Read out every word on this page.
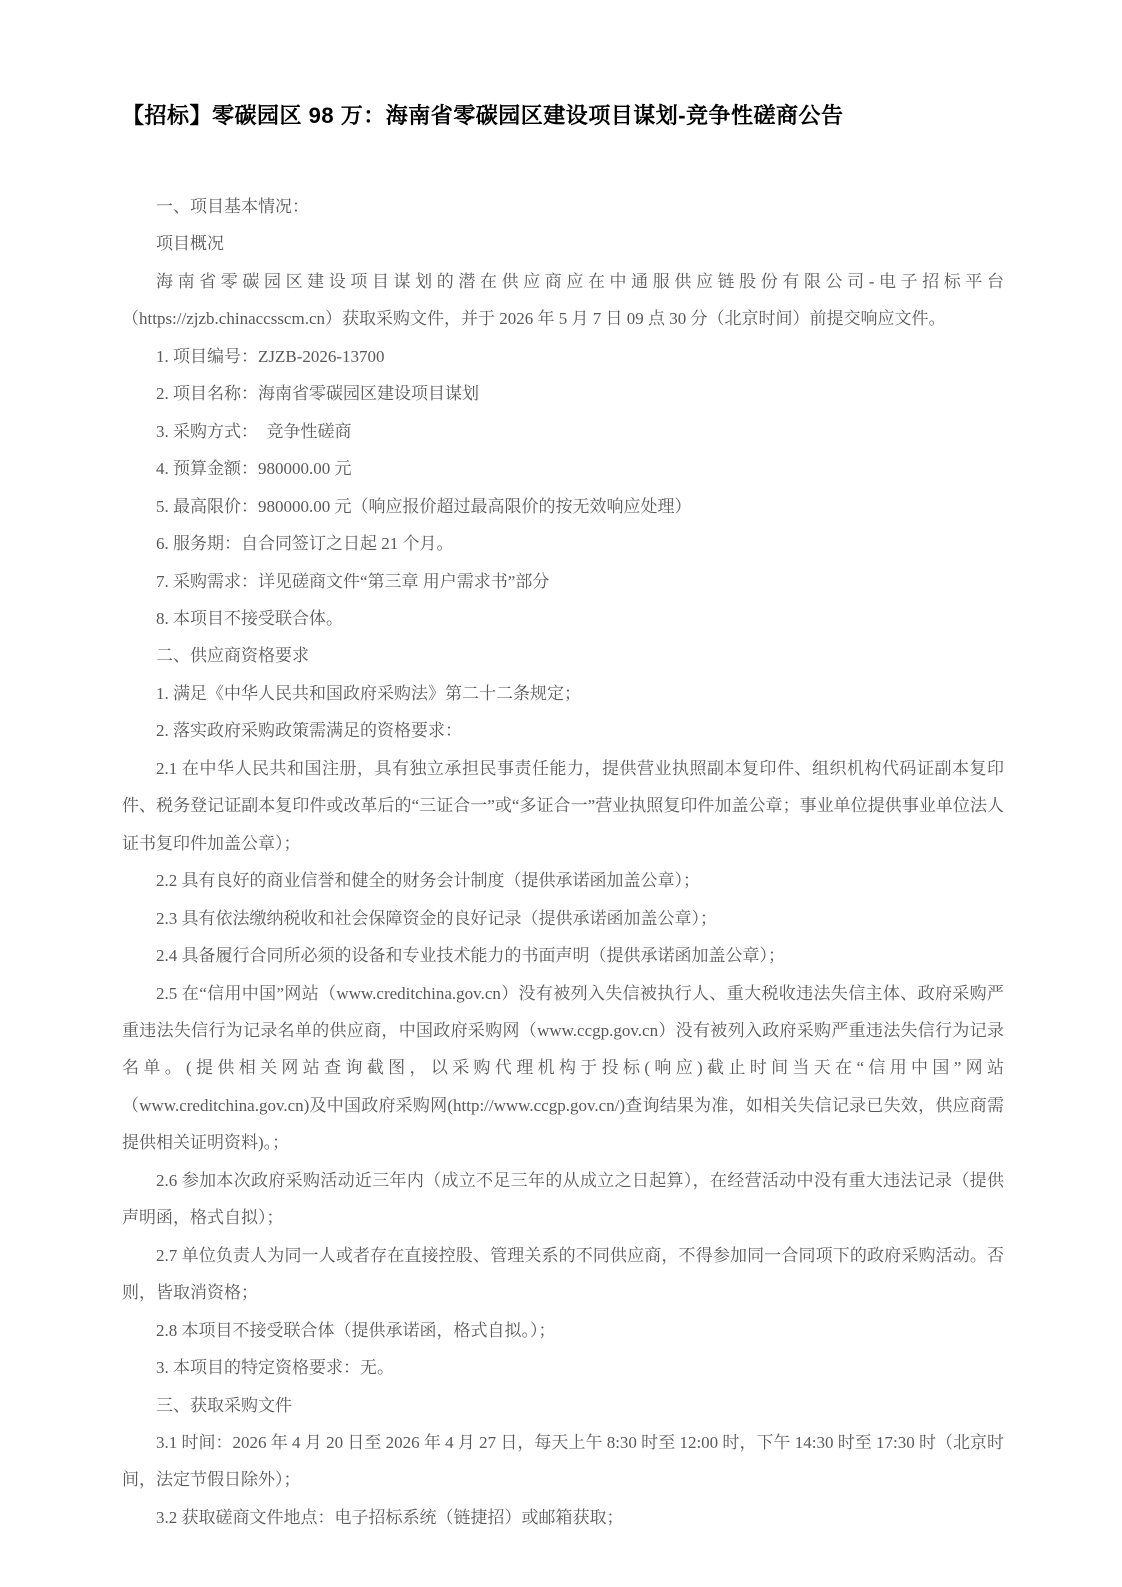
【招标】零碳园区 98 万：海南省零碳园区建设项目谋划-竞争性磋商公告

一、项目基本情况：

项目概况

海南省零碳园区建设项目谋划的潜在供应商应在中通服供应链股份有限公司-电子招标平台（https://zjzb.chinaccsscm.cn）获取采购文件，并于 2026 年 5 月 7 日 09 点 30 分（北京时间）前提交响应文件。

1. 项目编号：ZJZB-2026-13700

2. 项目名称：海南省零碳园区建设项目谋划

3. 采购方式：　竞争性磋商

4. 预算金额：980000.00 元

5. 最高限价：980000.00 元（响应报价超过最高限价的按无效响应处理）

6. 服务期：自合同签订之日起 21 个月。

7. 采购需求：详见磋商文件“第三章 用户需求书”部分

8. 本项目不接受联合体。

二、供应商资格要求

1. 满足《中华人民共和国政府采购法》第二十二条规定；

2. 落实政府采购政策需满足的资格要求：

2.1 在中华人民共和国注册，具有独立承担民事责任能力，提供营业执照副本复印件、组织机构代码证副本复印件、税务登记证副本复印件或改革后的“三证合一”或“多证合一”营业执照复印件加盖公章；事业单位提供事业单位法人证书复印件加盖公章）；

2.2 具有良好的商业信誉和健全的财务会计制度（提供承诺函加盖公章）；

2.3 具有依法缴纳税收和社会保障资金的良好记录（提供承诺函加盖公章）；

2.4 具备履行合同所必须的设备和专业技术能力的书面声明（提供承诺函加盖公章）；

2.5 在“信用中国”网站（www.creditchina.gov.cn）没有被列入失信被执行人、重大税收违法失信主体、政府采购严重违法失信行为记录名单的供应商，中国政府采购网（www.ccgp.gov.cn）没有被列入政府采购严重违法失信行为记录名单。(提供相关网站查询截图，以采购代理机构于投标(响应)截止时间当天在“信用中国”网站（www.creditchina.gov.cn)及中国政府采购网(http://www.ccgp.gov.cn/)查询结果为准，如相关失信记录已失效，供应商需提供相关证明资料)。；

2.6 参加本次政府采购活动近三年内（成立不足三年的从成立之日起算），在经营活动中没有重大违法记录（提供声明函，格式自拟）；

2.7 单位负责人为同一人或者存在直接控股、管理关系的不同供应商，不得参加同一合同项下的政府采购活动。否则，皆取消资格；

2.8 本项目不接受联合体（提供承诺函，格式自拟。）；

3. 本项目的特定资格要求：无。

三、获取采购文件

3.1 时间：2026 年 4 月 20 日至 2026 年 4 月 27 日，每天上午 8:30 时至 12:00 时，下午 14:30 时至 17:30 时（北京时间，法定节假日除外）；

3.2 获取磋商文件地点：电子招标系统（链捷招）或邮箱获取；
